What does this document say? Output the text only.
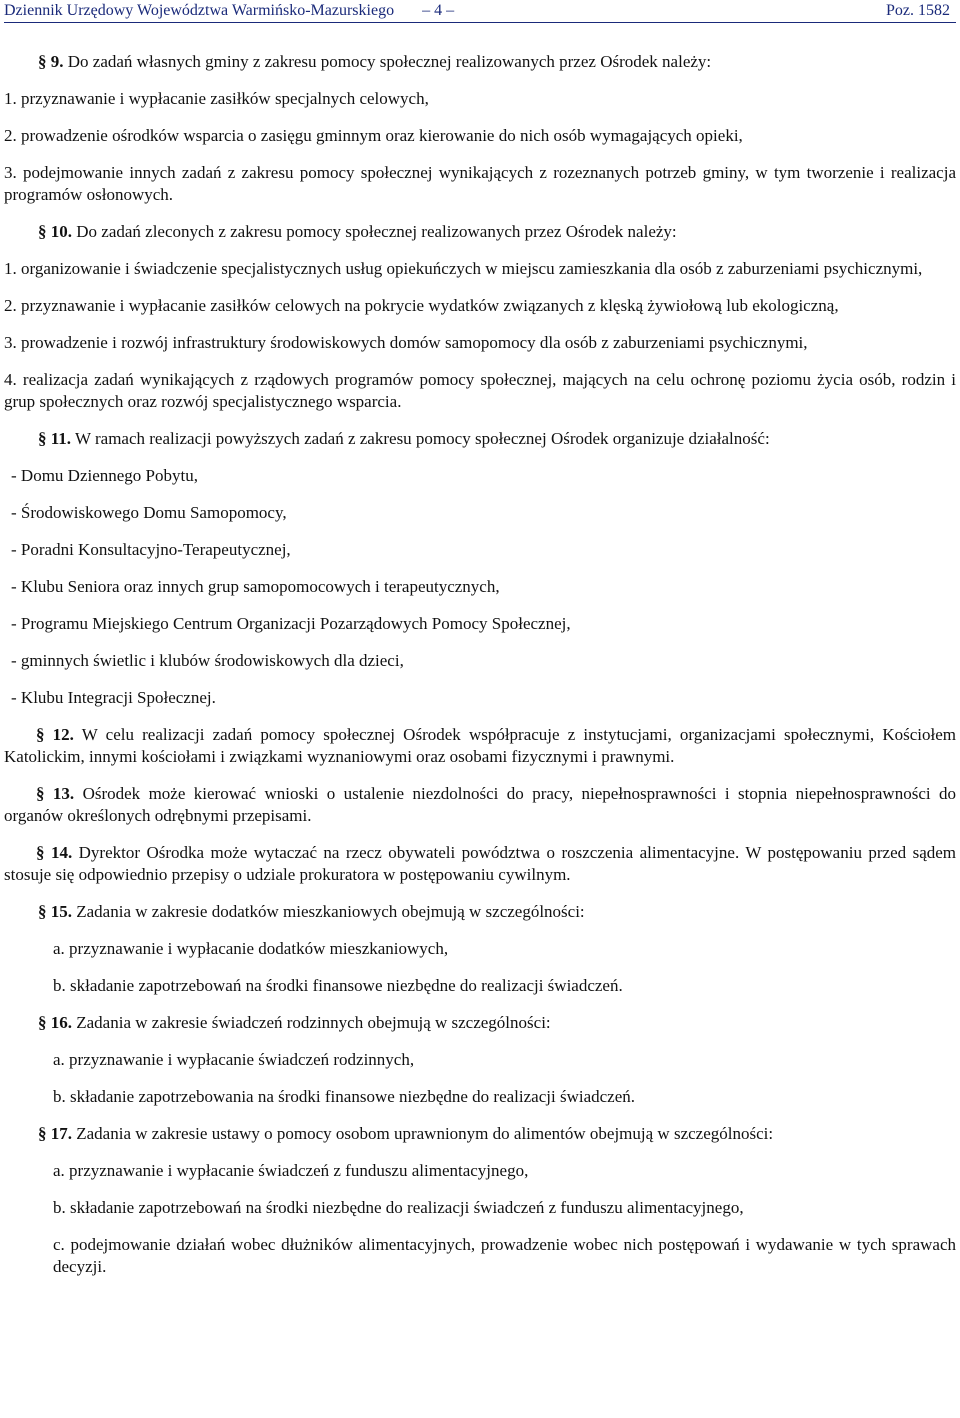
Dziennik Urzędowy Województwa Warmińsko-Mazurskiego – 4 –	Poz. 1582
§ 9. Do zadań własnych gminy z zakresu pomocy społecznej realizowanych przez Ośrodek należy:
1. przyznawanie i wypłacanie zasiłków specjalnych celowych,
2. prowadzenie ośrodków wsparcia o zasięgu gminnym oraz kierowanie do nich osób wymagających opieki,
3. podejmowanie innych zadań z zakresu pomocy społecznej wynikających z rozeznanych potrzeb gminy, w tym tworzenie i realizacja programów osłonowych.
§ 10. Do zadań zleconych z zakresu pomocy społecznej realizowanych przez Ośrodek należy:
1. organizowanie i świadczenie specjalistycznych usług opiekuńczych w miejscu zamieszkania dla osób z zaburzeniami psychicznymi,
2. przyznawanie i wypłacanie zasiłków celowych na pokrycie wydatków związanych z klęską żywiołową lub ekologiczną,
3. prowadzenie i rozwój infrastruktury środowiskowych domów samopomocy dla osób z zaburzeniami psychicznymi,
4. realizacja zadań wynikających z rządowych programów pomocy społecznej, mających na celu ochronę poziomu życia osób, rodzin i grup społecznych oraz rozwój specjalistycznego wsparcia.
§ 11. W ramach realizacji powyższych zadań z zakresu pomocy społecznej Ośrodek organizuje działalność:
- Domu Dziennego Pobytu,
- Środowiskowego Domu Samopomocy,
- Poradni Konsultacyjno-Terapeutycznej,
- Klubu Seniora oraz innych grup samopomocowych i terapeutycznych,
- Programu Miejskiego Centrum Organizacji Pozarządowych Pomocy Społecznej,
- gminnych świetlic i klubów środowiskowych dla dzieci,
- Klubu Integracji Społecznej.
§ 12. W celu realizacji zadań pomocy społecznej Ośrodek współpracuje z instytucjami, organizacjami społecznymi, Kościołem Katolickim, innymi kościołami i związkami wyznaniowymi oraz osobami fizycznymi i prawnymi.
§ 13. Ośrodek może kierować wnioski o ustalenie niezdolności do pracy, niepełnosprawności i stopnia niepełnosprawności do organów określonych odrębnymi przepisami.
§ 14. Dyrektor Ośrodka może wytaczać na rzecz obywateli powództwa o roszczenia alimentacyjne. W postępowaniu przed sądem stosuje się odpowiednio przepisy o udziale prokuratora w postępowaniu cywilnym.
§ 15. Zadania w zakresie dodatków mieszkaniowych obejmują w szczególności:
a. przyznawanie i wypłacanie dodatków mieszkaniowych,
b. składanie zapotrzebowań na środki finansowe niezbędne do realizacji świadczeń.
§ 16. Zadania w zakresie świadczeń rodzinnych obejmują w szczególności:
a. przyznawanie i wypłacanie świadczeń rodzinnych,
b. składanie zapotrzebowania na środki finansowe niezbędne do realizacji świadczeń.
§ 17. Zadania w zakresie ustawy o pomocy osobom uprawnionym do alimentów obejmują w szczególności:
a. przyznawanie i wypłacanie świadczeń z funduszu alimentacyjnego,
b. składanie zapotrzebowań na środki niezbędne do realizacji świadczeń z funduszu alimentacyjnego,
c. podejmowanie działań wobec dłużników alimentacyjnych, prowadzenie wobec nich postępowań i wydawanie w tych sprawach decyzji.
